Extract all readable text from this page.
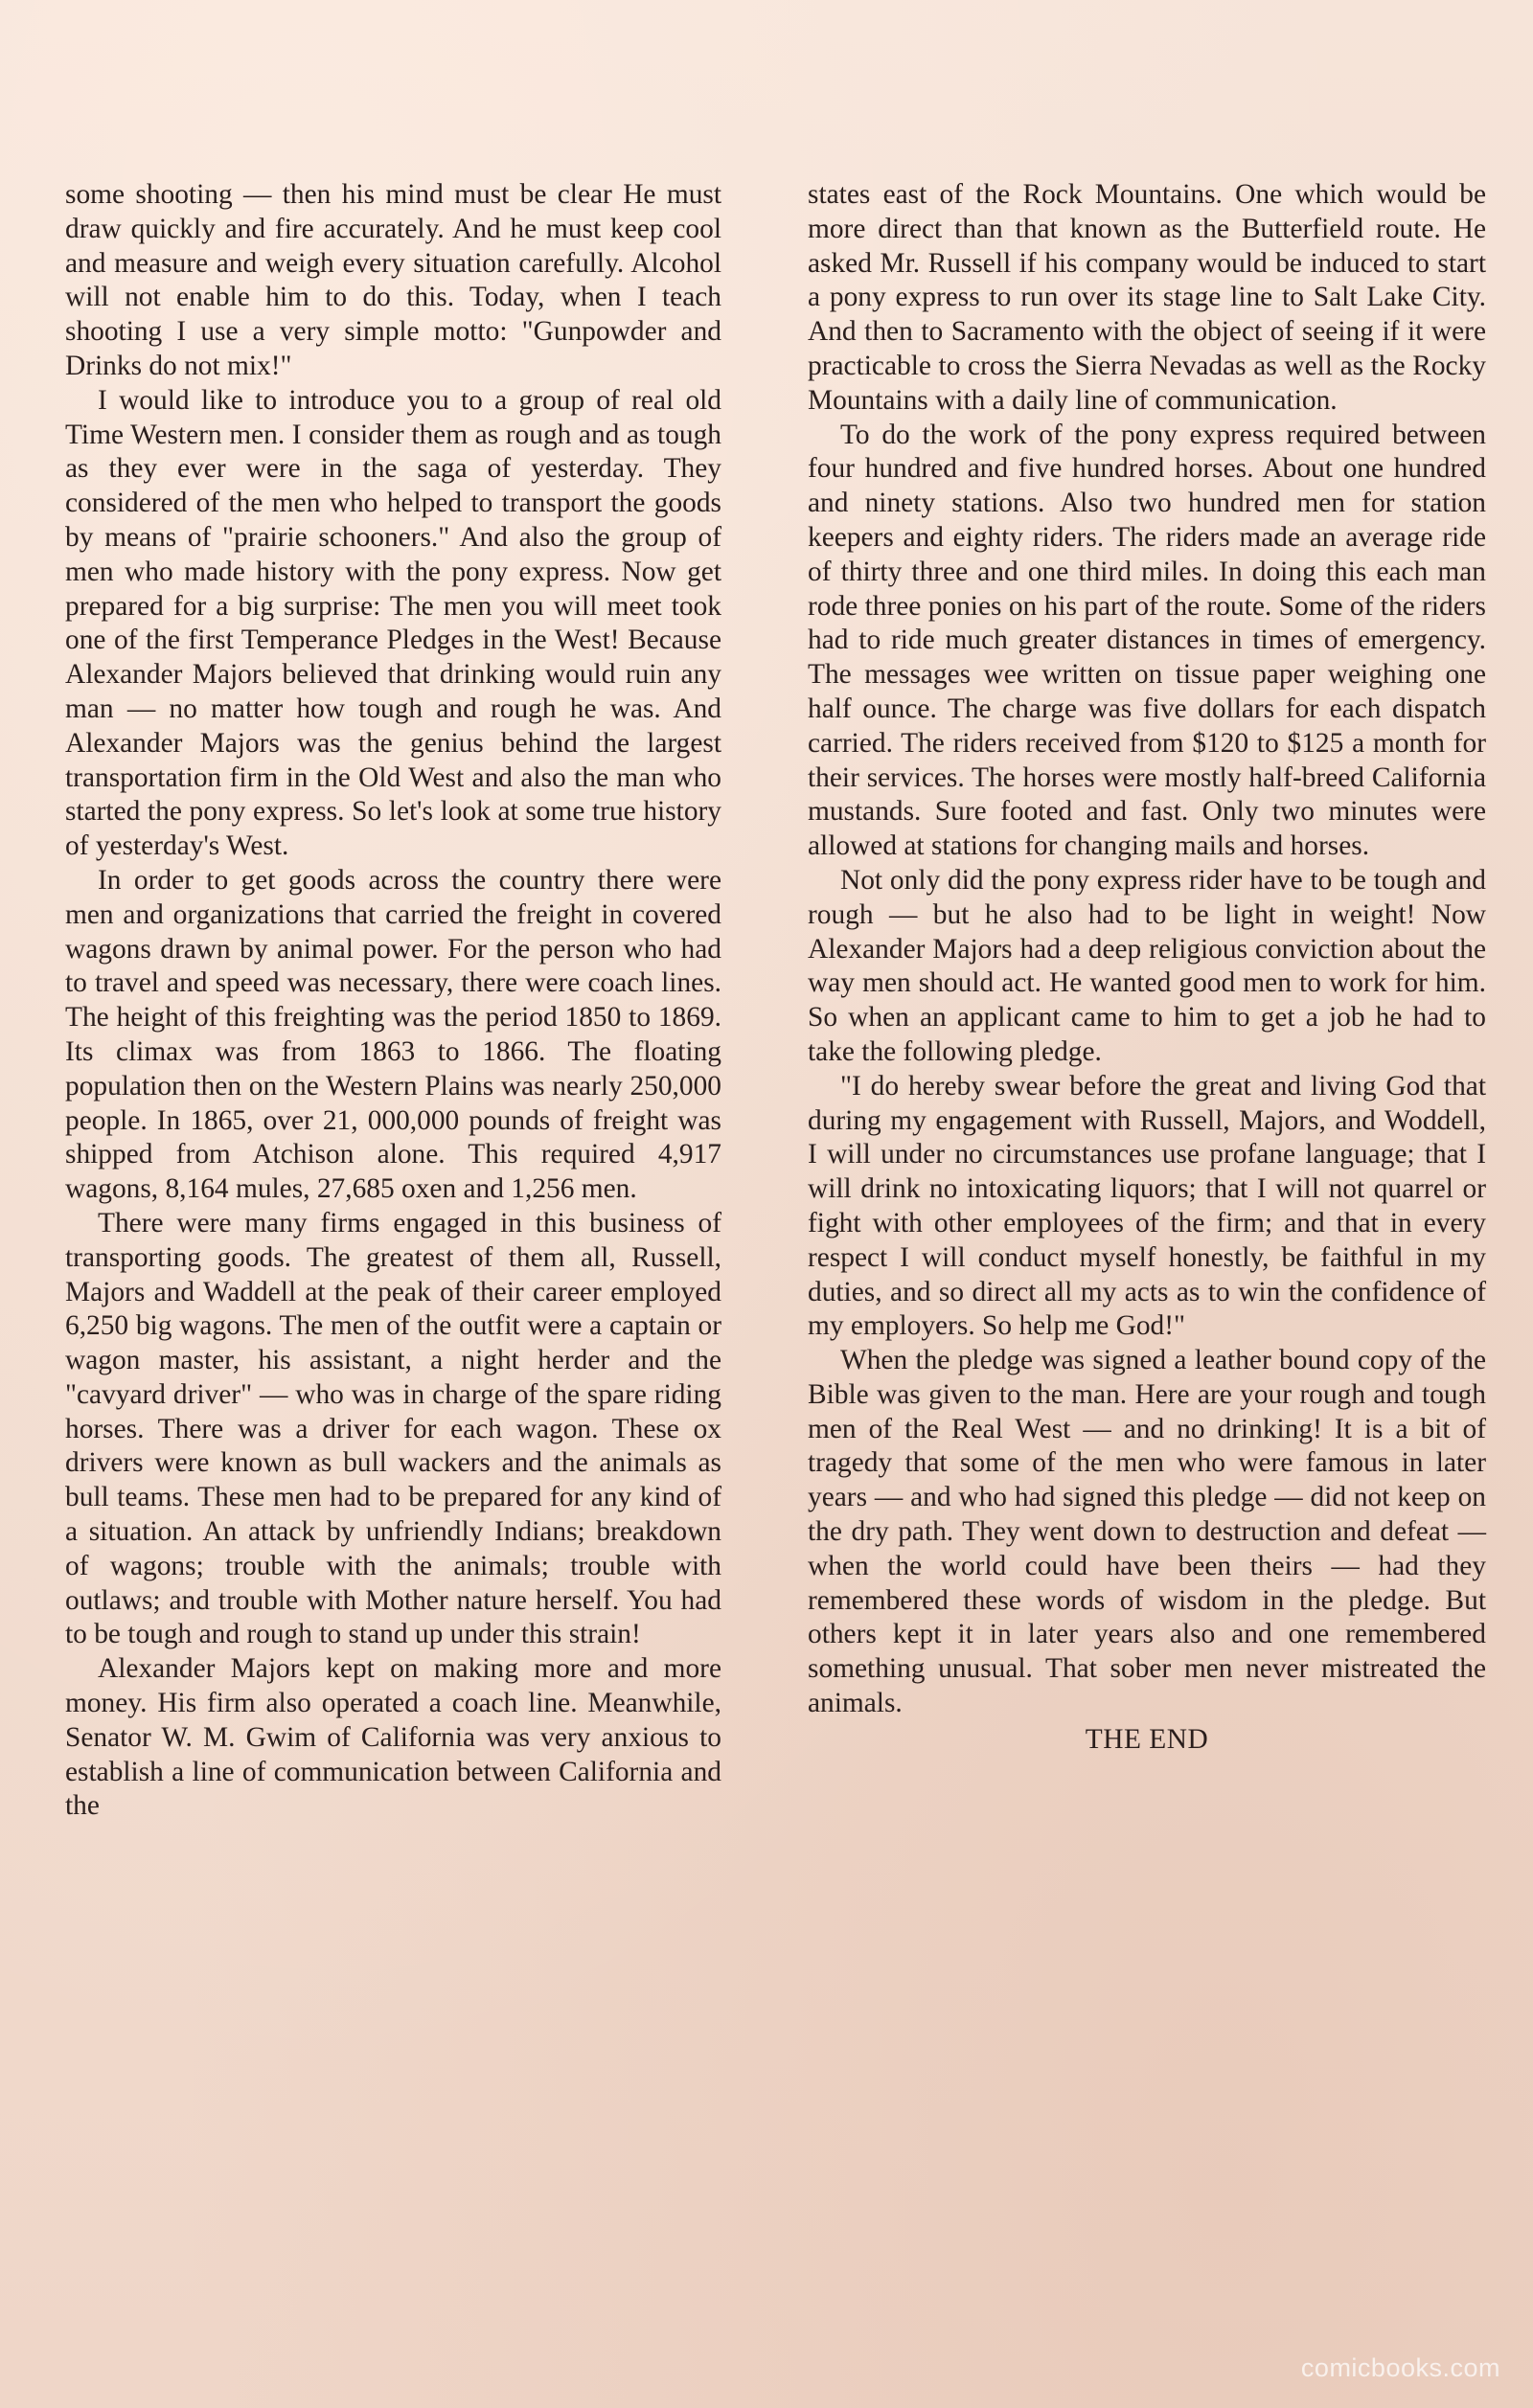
some shooting — then his mind must be clear He must draw quickly and fire accurately. And he must keep cool and measure and weigh every situation carefully. Alcohol will not enable him to do this. Today, when I teach shooting I use a very simple motto: "Gunpowder and Drinks do not mix!"

I would like to introduce you to a group of real old Time Western men. I consider them as rough and as tough as they ever were in the saga of yesterday. They considered of the men who helped to transport the goods by means of "prairie schooners." And also the group of men who made history with the pony express. Now get prepared for a big surprise: The men you will meet took one of the first Temperance Pledges in the West! Because Alexander Majors believed that drinking would ruin any man — no matter how tough and rough he was. And Alexander Majors was the genius behind the largest transportation firm in the Old West and also the man who started the pony express. So let's look at some true history of yesterday's West.

In order to get goods across the country there were men and organizations that carried the freight in covered wagons drawn by animal power. For the person who had to travel and speed was necessary, there were coach lines. The height of this freighting was the period 1850 to 1869. Its climax was from 1863 to 1866. The floating population then on the Western Plains was nearly 250,000 people. In 1865, over 21, 000,000 pounds of freight was shipped from Atchison alone. This required 4,917 wagons, 8,164 mules, 27,685 oxen and 1,256 men.

There were many firms engaged in this business of transporting goods. The greatest of them all, Russell, Majors and Waddell at the peak of their career employed 6,250 big wagons. The men of the outfit were a captain or wagon master, his assistant, a night herder and the "cavyard driver" — who was in charge of the spare riding horses. There was a driver for each wagon. These ox drivers were known as bull wackers and the animals as bull teams. These men had to be prepared for any kind of a situation. An attack by unfriendly Indians; breakdown of wagons; trouble with the animals; trouble with outlaws; and trouble with Mother nature herself. You had to be tough and rough to stand up under this strain!

Alexander Majors kept on making more and more money. His firm also operated a coach line. Meanwhile, Senator W. M. Gwim of California was very anxious to establish a line of communication between California and the

states east of the Rock Mountains. One which would be more direct than that known as the Butterfield route. He asked Mr. Russell if his company would be induced to start a pony express to run over its stage line to Salt Lake City. And then to Sacramento with the object of seeing if it were practicable to cross the Sierra Nevadas as well as the Rocky Mountains with a daily line of communication.

To do the work of the pony express required between four hundred and five hundred horses. About one hundred and ninety stations. Also two hundred men for station keepers and eighty riders. The riders made an average ride of thirty three and one third miles. In doing this each man rode three ponies on his part of the route. Some of the riders had to ride much greater distances in times of emergency. The messages wee written on tissue paper weighing one half ounce. The charge was five dollars for each dispatch carried. The riders received from $120 to $125 a month for their services. The horses were mostly half-breed California mustands. Sure footed and fast. Only two minutes were allowed at stations for changing mails and horses.

Not only did the pony express rider have to be tough and rough — but he also had to be light in weight! Now Alexander Majors had a deep religious conviction about the way men should act. He wanted good men to work for him. So when an applicant came to him to get a job he had to take the following pledge.

"I do hereby swear before the great and living God that during my engagement with Russell, Majors, and Woddell, I will under no circumstances use profane language; that I will drink no intoxicating liquors; that I will not quarrel or fight with other employees of the firm; and that in every respect I will conduct myself honestly, be faithful in my duties, and so direct all my acts as to win the confidence of my employers. So help me God!"

When the pledge was signed a leather bound copy of the Bible was given to the man. Here are your rough and tough men of the Real West — and no drinking! It is a bit of tragedy that some of the men who were famous in later years — and who had signed this pledge — did not keep on the dry path. They went down to destruction and defeat — when the world could have been theirs — had they remembered these words of wisdom in the pledge. But others kept it in later years also and one remembered something unusual. That sober men never mistreated the animals.

THE END

comicbooks.com
